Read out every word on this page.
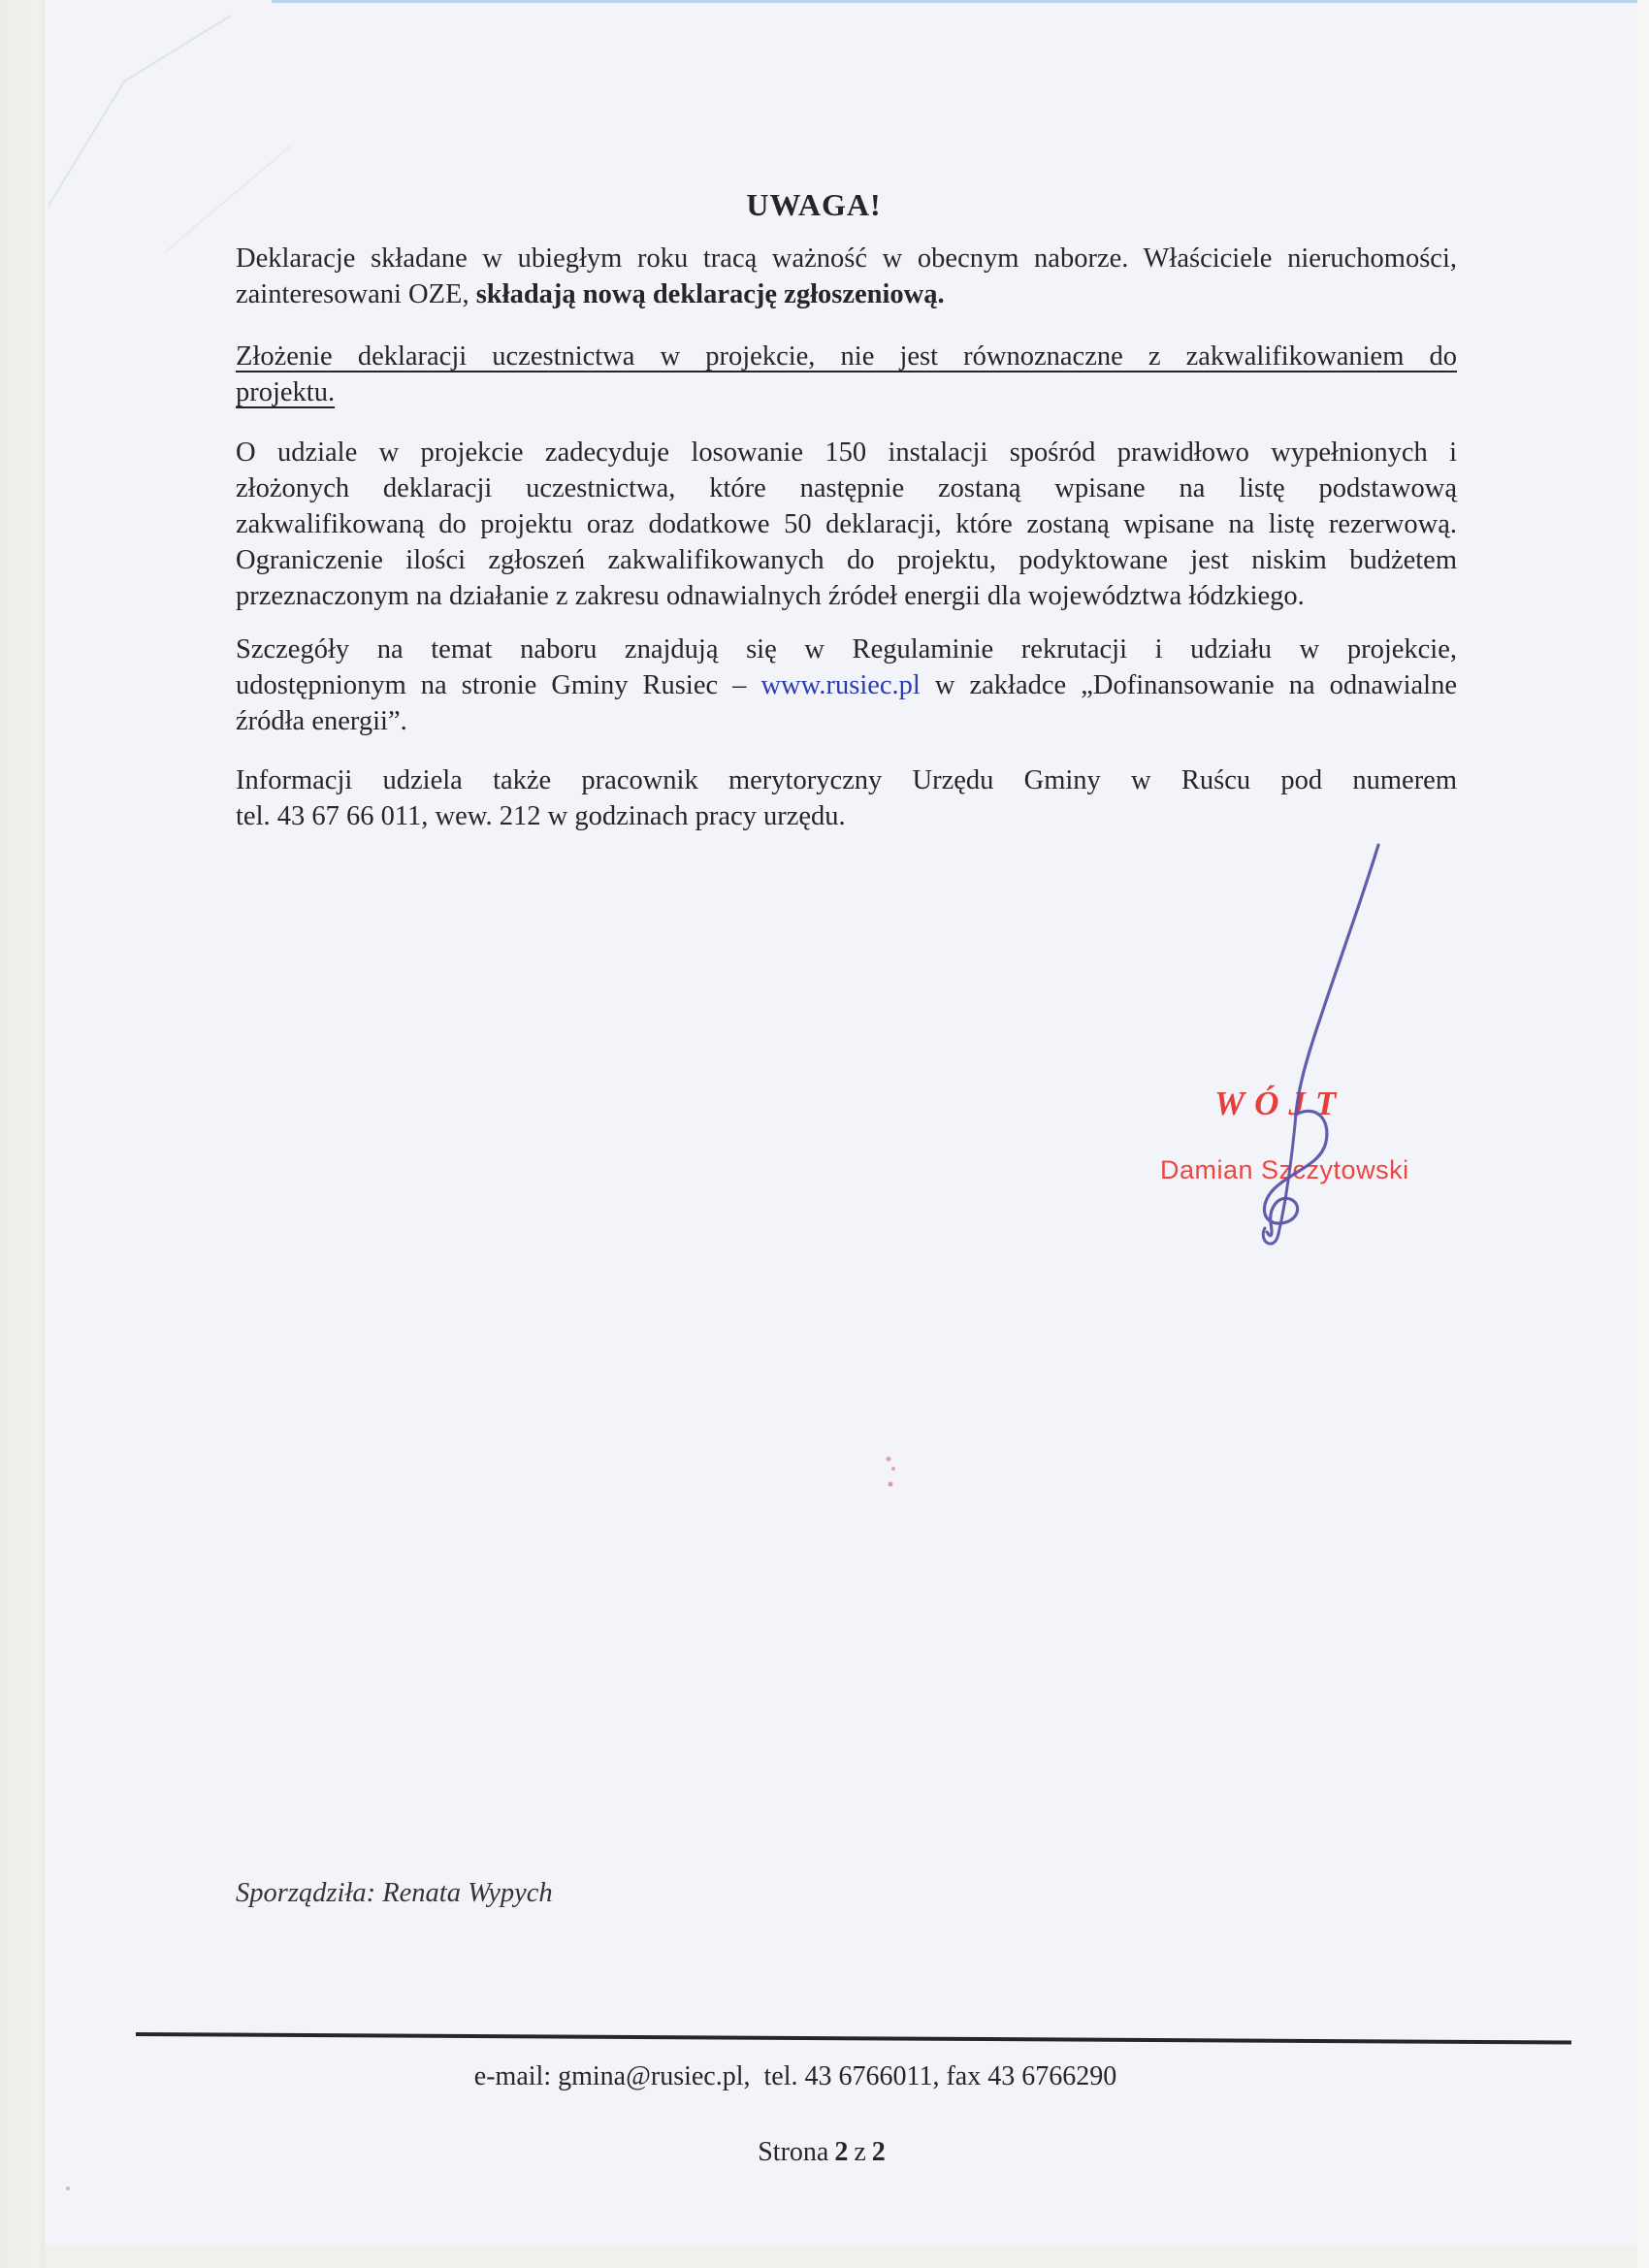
UWAGA!
Deklaracje składane w ubiegłym roku tracą ważność w obecnym naborze. Właściciele nieruchomości,
zainteresowani OZE, składają nową deklarację zgłoszeniową.
Złożenie deklaracji uczestnictwa w projekcie, nie jest równoznaczne z zakwalifikowaniem do
projektu.
O udziale w projekcie zadecyduje losowanie 150 instalacji spośród prawidłowo wypełnionych i
złożonych deklaracji uczestnictwa, które następnie zostaną wpisane na listę podstawową
zakwalifikowaną do projektu oraz dodatkowe 50 deklaracji, które zostaną wpisane na listę rezerwową.
Ograniczenie ilości zgłoszeń zakwalifikowanych do projektu, podyktowane jest niskim budżetem
przeznaczonym na działanie z zakresu odnawialnych źródeł energii dla województwa łódzkiego.
Szczegóły na temat naboru znajdują się w Regulaminie rekrutacji i udziału w projekcie,
udostępnionym na stronie Gminy Rusiec – www.rusiec.pl w zakładce „Dofinansowanie na odnawialne
źródła energii”.
Informacji udziela także pracownik merytoryczny Urzędu Gminy w Ruścu pod numerem
tel. 43 67 66 011, wew. 212 w godzinach pracy urzędu.
WÓJT
Damian Szczytowski
Sporządziła: Renata Wypych
e-mail: gmina@rusiec.pl,  tel. 43 6766011, fax 43 6766290
Strona 2 z 2
